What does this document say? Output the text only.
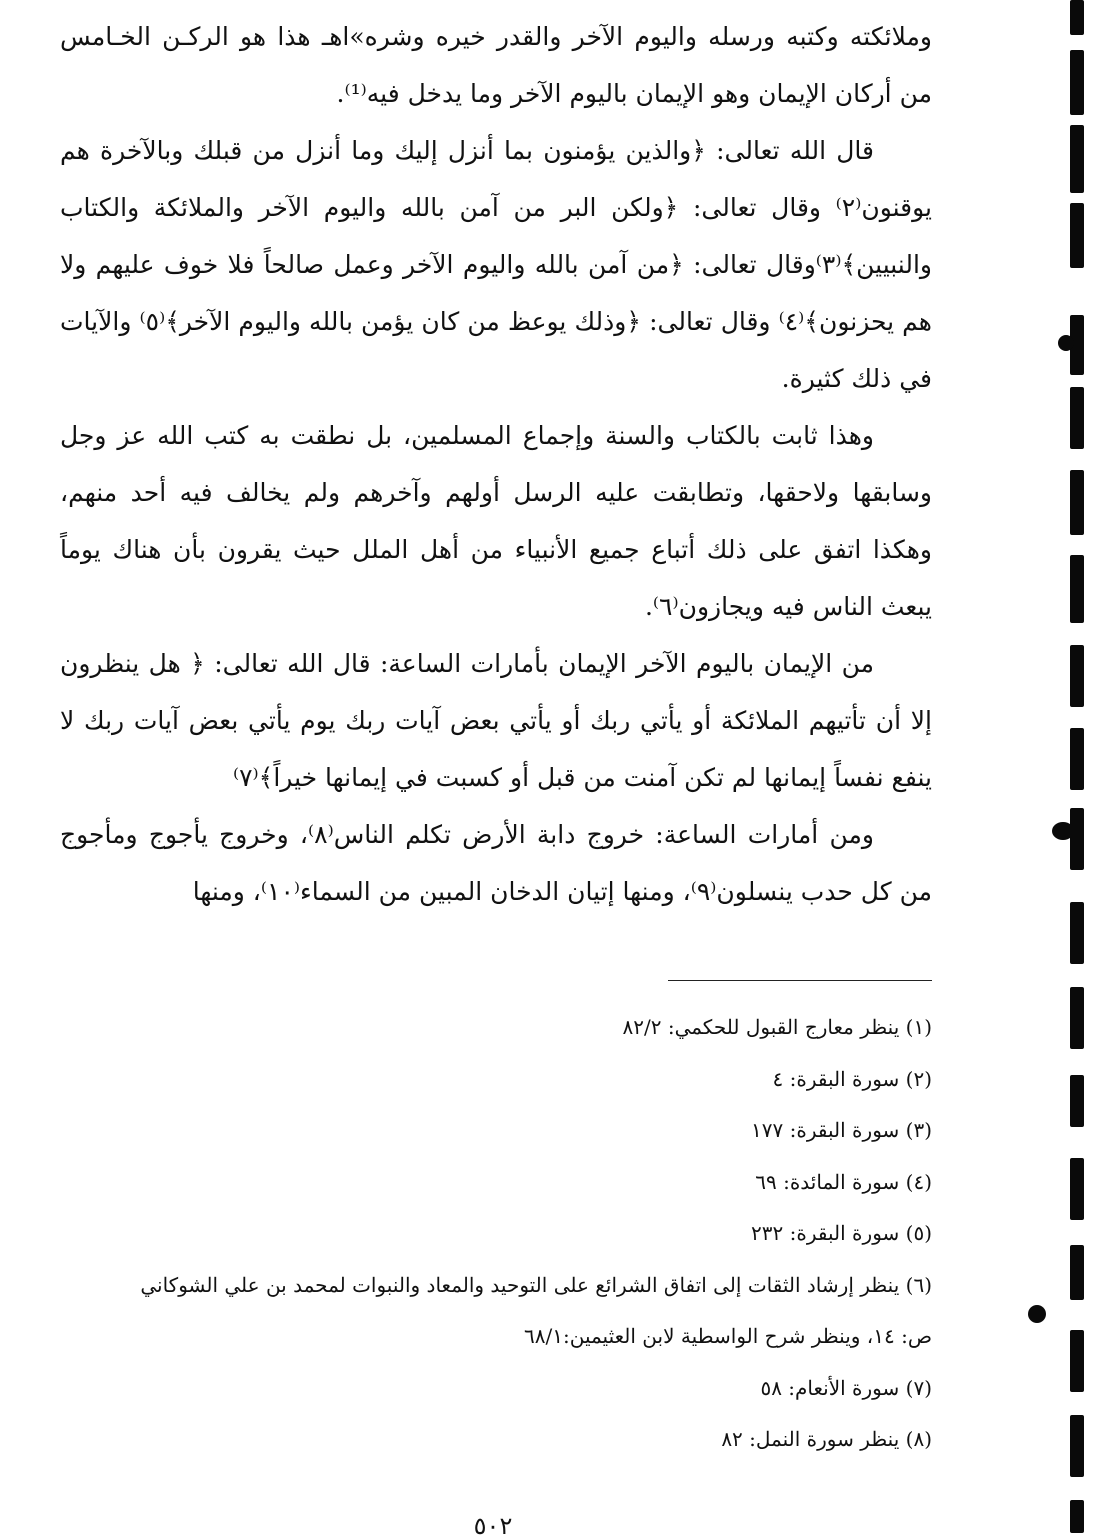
وملائكته وكتبه ورسله واليوم الآخر والقدر خيره وشره»اهـ هذا هو الركـن الخـامس من أركان الإيمان وهو الإيمان باليوم الآخر وما يدخل فيه⁽¹⁾.

قال الله تعالى: ﴿والذين يؤمنون بما أنزل إليك وما أنزل من قبلك وبالآخرة هم يوقنون⁽٢⁾ وقال تعالى: ﴿ولكن البر من آمن بالله واليوم الآخر والملائكة والكتاب والنبيين﴾⁽٣⁾وقال تعالى: ﴿من آمن بالله واليوم الآخر وعمل صالحاً فلا خوف عليهم ولا هم يحزنون﴾⁽٤⁾ وقال تعالى: ﴿وذلك يوعظ من كان يؤمن بالله واليوم الآخر﴾⁽٥⁾ والآيات في ذلك كثيرة.

وهذا ثابت بالكتاب والسنة وإجماع المسلمين، بل نطقت به كتب الله عز وجل وسابقها ولاحقها، وتطابقت عليه الرسل أولهم وآخرهم ولم يخالف فيه أحد منهم، وهكذا اتفق على ذلك أتباع جميع الأنبياء من أهل الملل حيث يقرون بأن هناك يوماً يبعث الناس فيه ويجازون⁽٦⁾.

من الإيمان باليوم الآخر الإيمان بأمارات الساعة: قال الله تعالى: ﴿ هل ينظرون إلا أن تأتيهم الملائكة أو يأتي ربك أو يأتي بعض آيات ربك يوم يأتي بعض آيات ربك لا ينفع نفساً إيمانها لم تكن آمنت من قبل أو كسبت في إيمانها خيراً﴾⁽٧⁾

ومن أمارات الساعة: خروج دابة الأرض تكلم الناس⁽٨⁾، وخروج يأجوج ومأجوج من كل حدب ينسلون⁽٩⁾، ومنها إتيان الدخان المبين من السماء⁽١٠⁾، ومنها

(١) ينظر معارج القبول للحكمي: ٨٢/٢
(٢) سورة البقرة: ٤
(٣) سورة البقرة: ١٧٧
(٤) سورة المائدة: ٦٩
(٥) سورة البقرة: ٢٣٢
(٦) ينظر إرشاد الثقات إلى اتفاق الشرائع على التوحيد والمعاد والنبوات لمحمد بن علي الشوكاني
ص: ١٤، وينظر شرح الواسطية لابن العثيمين:٦٨/١
(٧) سورة الأنعام: ٥٨
(٨) ينظر سورة النمل: ٨٢
٥٠٢
